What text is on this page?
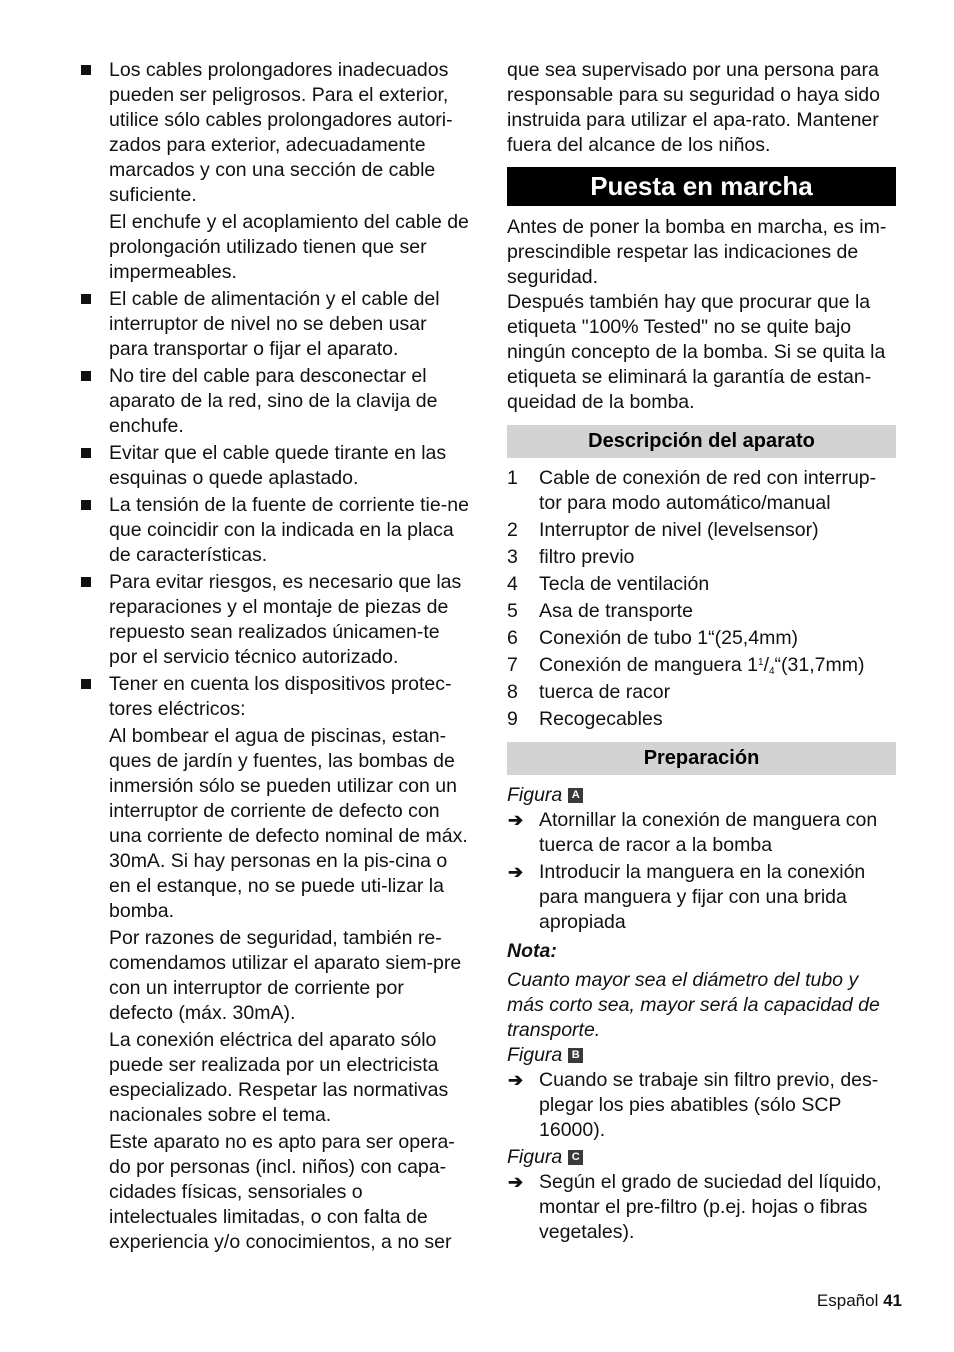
Los cables prolongadores inadecuados pueden ser peligrosos. Para el exterior, utilice sólo cables prolongadores autori-zados para exterior, adecuadamente marcados y con una sección de cable suficiente.
El enchufe y el acoplamiento del cable de prolongación utilizado tienen que ser impermeables.
El cable de alimentación y el cable del interruptor de nivel no se deben usar para transportar o fijar el aparato.
No tire del cable para desconectar el aparato de la red, sino de la clavija de enchufe.
Evitar que el cable quede tirante en las esquinas o quede aplastado.
La tensión de la fuente de corriente tie-ne que coincidir con la indicada en la placa de características.
Para evitar riesgos, es necesario que las reparaciones y el montaje de piezas de repuesto sean realizados únicamen-te por el servicio técnico autorizado.
Tener en cuenta los dispositivos protec-tores eléctricos:
Al bombear el agua de piscinas, estan-ques de jardín y fuentes, las bombas de inmersión sólo se pueden utilizar con un interruptor de corriente de defecto con una corriente de defecto nominal de máx. 30mA. Si hay personas en la pis-cina o en el estanque, no se puede uti-lizar la bomba.
Por razones de seguridad, también re-comendamos utilizar el aparato siem-pre con un interruptor de corriente por defecto (máx. 30mA).
La conexión eléctrica del aparato sólo puede ser realizada por un electricista especializado. Respetar las normativas nacionales sobre el tema.
Este aparato no es apto para ser opera-do por personas (incl. niños) con capa-cidades físicas, sensoriales o intelectuales limitadas, o con falta de experiencia y/o conocimientos, a no ser
que sea supervisado por una persona para responsable para su seguridad o haya sido instruida para utilizar el apa-rato. Mantener fuera del alcance de los niños.
Puesta en marcha
Antes de poner la bomba en marcha, es im-prescindible respetar las indicaciones de seguridad.
Después también hay que procurar que la etiqueta "100% Tested" no se quite bajo ningún concepto de la bomba. Si se quita la etiqueta se eliminará la garantía de estan-queidad de la bomba.
Descripción del aparato
1 Cable de conexión de red con interrup-tor para modo automático/manual
2 Interruptor de nivel (levelsensor)
3 filtro previo
4 Tecla de ventilación
5 Asa de transporte
6 Conexión de tubo 1“(25,4mm)
7 Conexión de manguera $1^1/_4“(31,7mm)$
8 tuerca de racor
9 Recogecables
Preparación
Figura A
➔ Atornillar la conexión de manguera con tuerca de racor a la bomba
➔ Introducir la manguera en la conexión para manguera y fijar con una brida apropiada
Nota:
Cuanto mayor sea el diámetro del tubo y más corto sea, mayor será la capacidad de transporte.
Figura B
➔ Cuando se trabaje sin filtro previo, des-plegar los pies abatibles (sólo SCP 16000).
Figura C
➔ Según el grado de suciedad del líquido, montar el pre-filtro (p.ej. hojas o fibras vegetales).
Español 41
